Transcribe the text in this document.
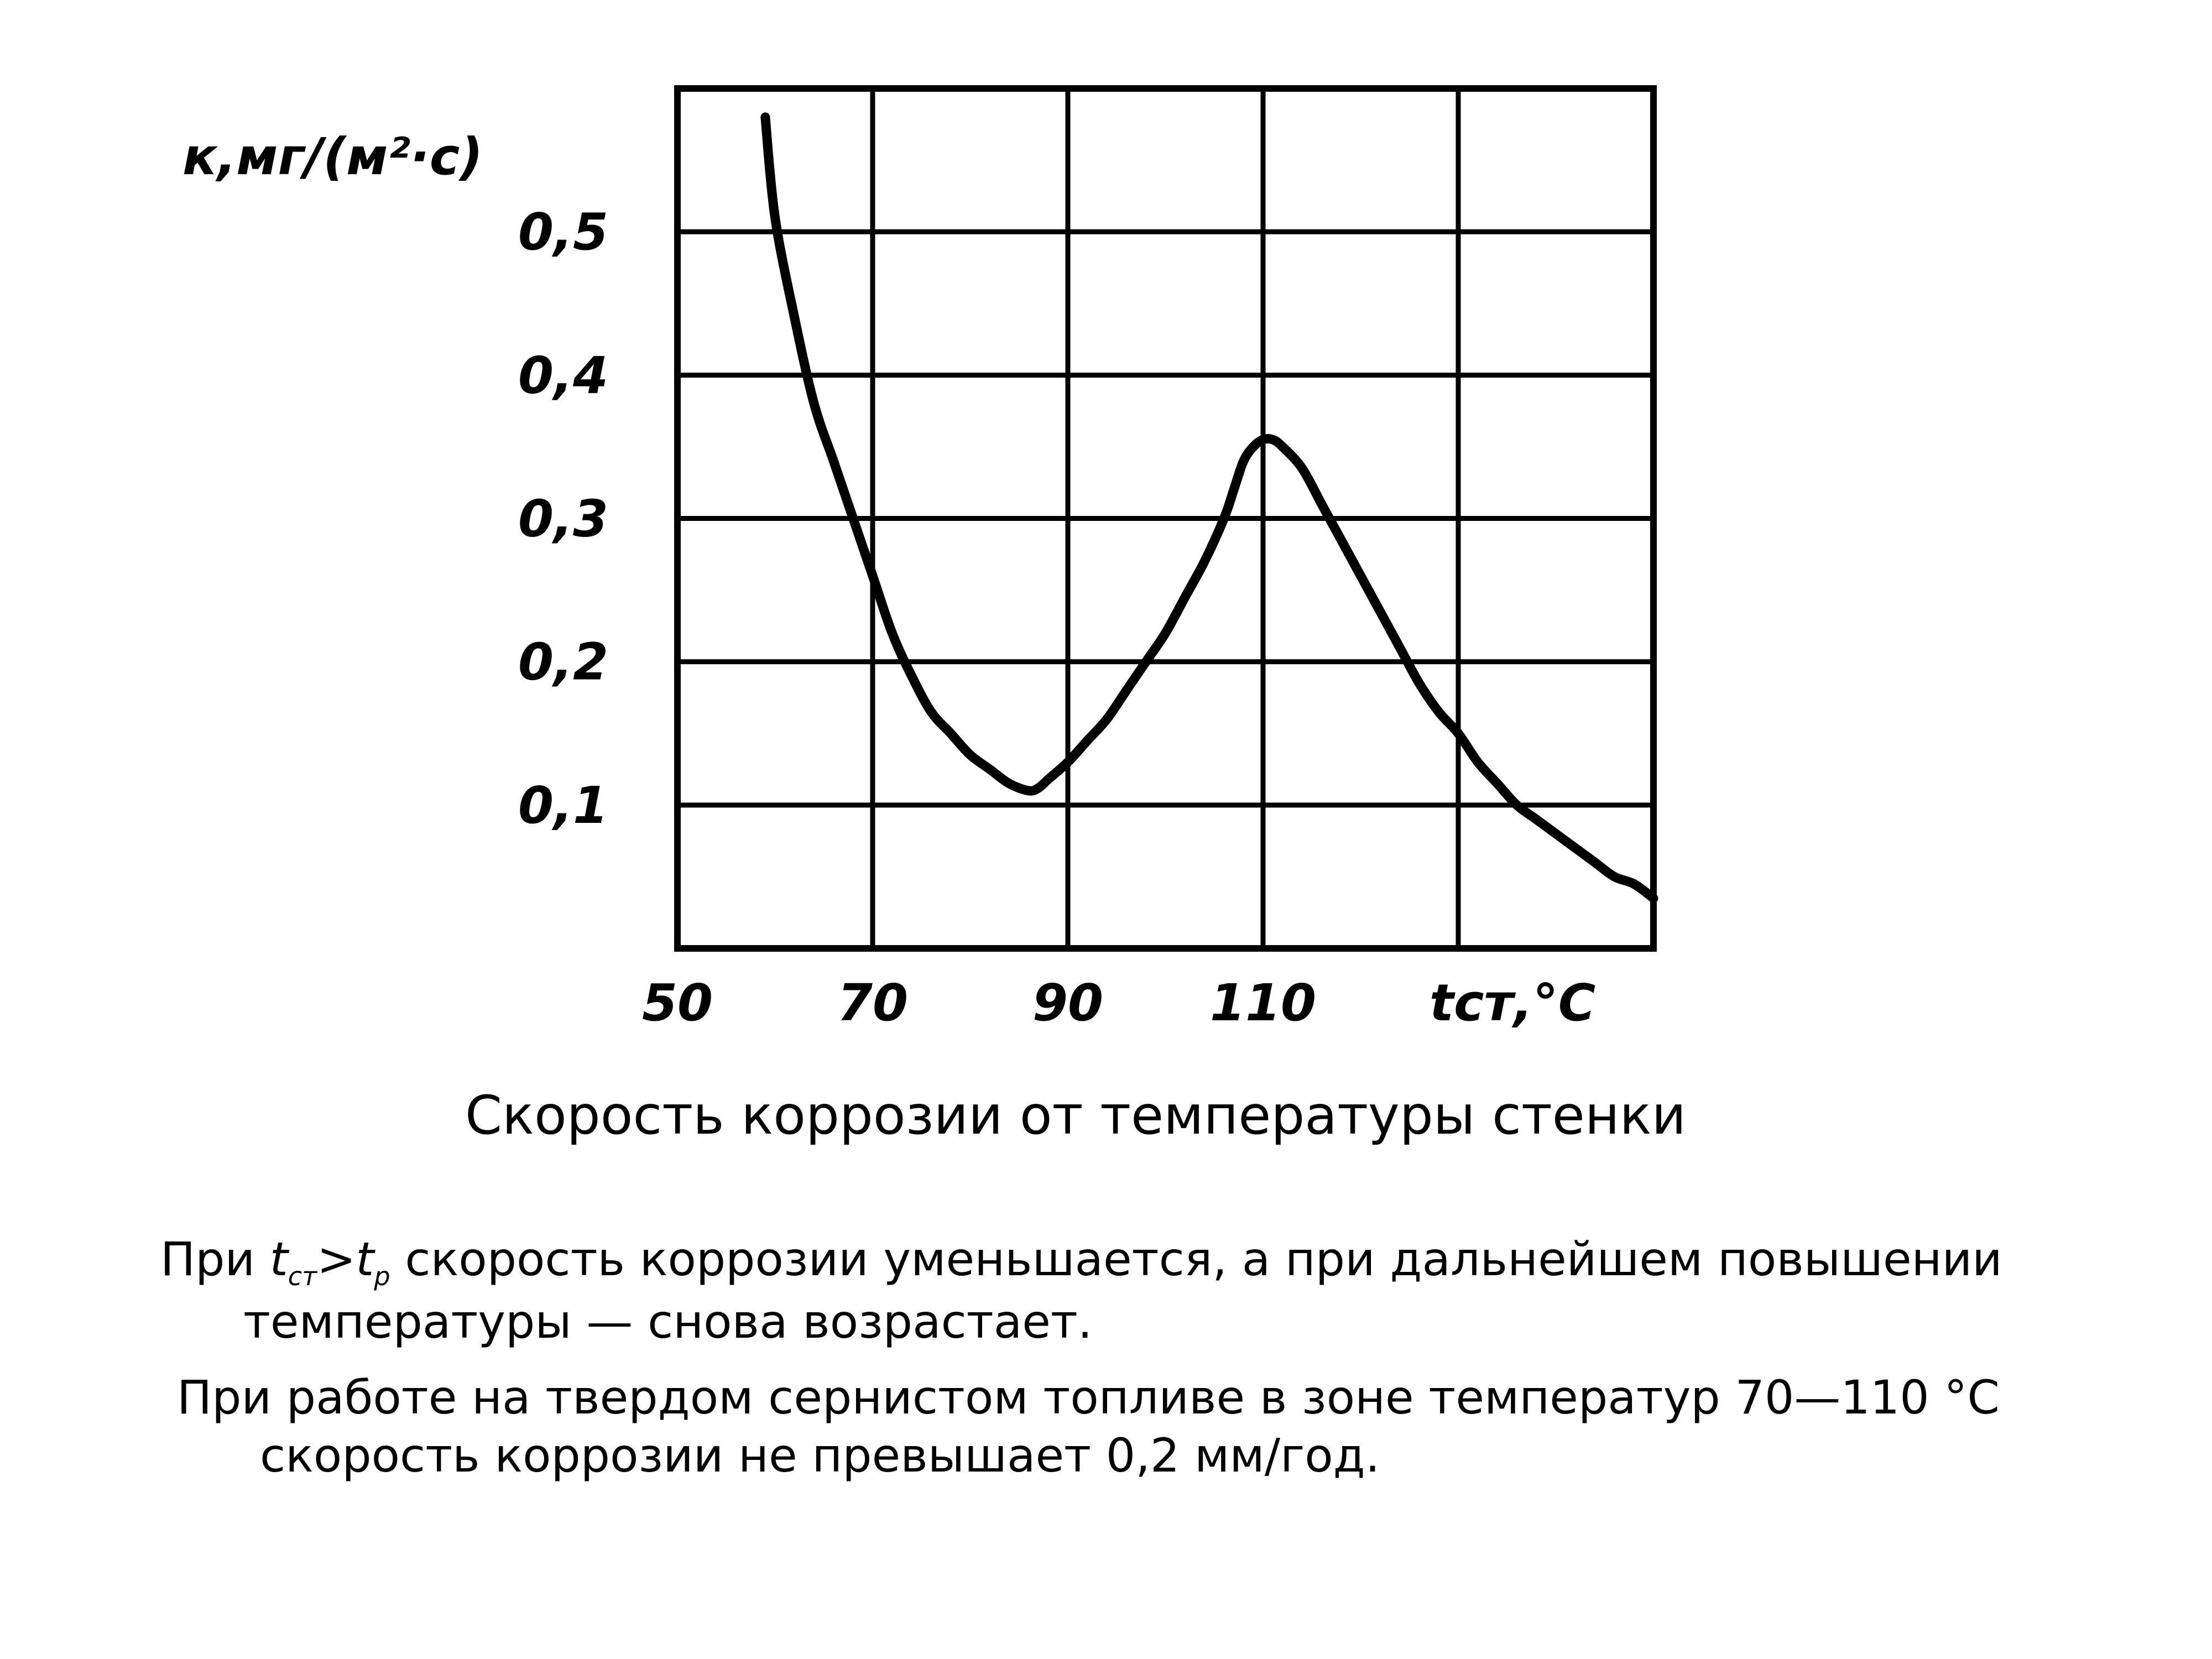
50 70 90 110
0,1
0,2
0,3
0,4
0,5
к,мг/(м²·с)
tст,°С
Скорость коррозии от температуры стенки
При $t_{ст}>t_р$ скорость коррозии уменьшается, а при дальнейшем повышении температуры — снова возрастает.
При работе на твердом сернистом топливе в зоне температур 70—110 °С скорость коррозии не превышает 0,2 мм/год.
